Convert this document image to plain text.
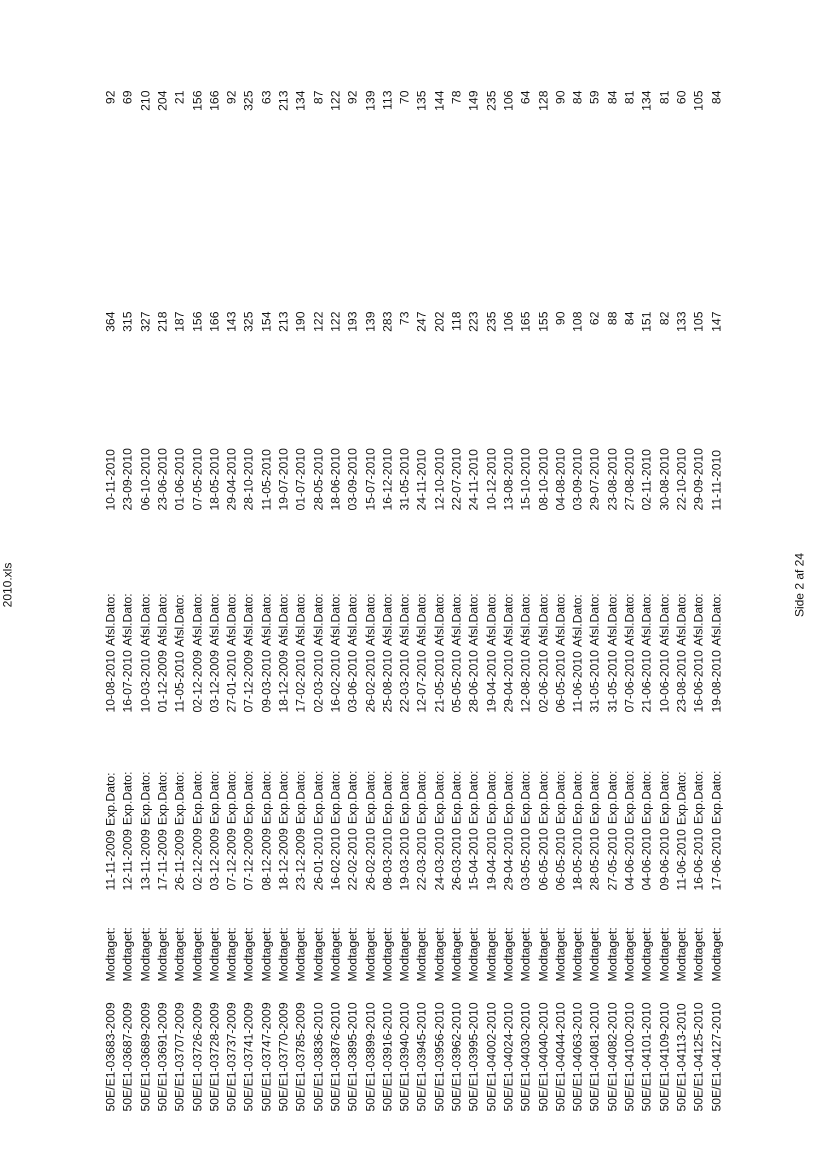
2010.xls
50E/E1-03683-2009
Modtaget:
11-11-2009Exp.Dato:
10-08-2010Afsl.Dato:
10-11-2010
364
92
50E/E1-03687-2009
Modtaget:
12-11-2009Exp.Dato:
16-07-2010Afsl.Dato:
23-09-2010
315
69
50E/E1-03689-2009
Modtaget:
13-11-2009Exp.Dato:
10-03-2010Afsl.Dato:
06-10-2010
327
210
50E/E1-03691-2009
Modtaget:
17-11-2009Exp.Dato:
01-12-2009Afsl.Dato:
23-06-2010
218
204
50E/E1-03707-2009
Modtaget:
26-11-2009Exp.Dato:
11-05-2010Afsl.Dato:
01-06-2010
187
21
50E/E1-03726-2009
Modtaget:
02-12-2009Exp.Dato:
02-12-2009Afsl.Dato:
07-05-2010
156
156
50E/E1-03728-2009
Modtaget:
03-12-2009Exp.Dato:
03-12-2009Afsl.Dato:
18-05-2010
166
166
50E/E1-03737-2009
Modtaget:
07-12-2009Exp.Dato:
27-01-2010Afsl.Dato:
29-04-2010
143
92
50E/E1-03741-2009
Modtaget:
07-12-2009Exp.Dato:
07-12-2009Afsl.Dato:
28-10-2010
325
325
50E/E1-03747-2009
Modtaget:
08-12-2009Exp.Dato:
09-03-2010Afsl.Dato:
11-05-2010
154
63
50E/E1-03770-2009
Modtaget:
18-12-2009Exp.Dato:
18-12-2009Afsl.Dato:
19-07-2010
213
213
50E/E1-03785-2009
Modtaget:
23-12-2009Exp.Dato:
17-02-2010Afsl.Dato:
01-07-2010
190
134
50E/E1-03836-2010
Modtaget:
26-01-2010Exp.Dato:
02-03-2010Afsl.Dato:
28-05-2010
122
87
50E/E1-03876-2010
Modtaget:
16-02-2010Exp.Dato:
16-02-2010Afsl.Dato:
18-06-2010
122
122
50E/E1-03895-2010
Modtaget:
22-02-2010Exp.Dato:
03-06-2010Afsl.Dato:
03-09-2010
193
92
50E/E1-03899-2010
Modtaget:
26-02-2010Exp.Dato:
26-02-2010Afsl.Dato:
15-07-2010
139
139
50E/E1-03916-2010
Modtaget:
08-03-2010Exp.Dato:
25-08-2010Afsl.Dato:
16-12-2010
283
113
50E/E1-03940-2010
Modtaget:
19-03-2010Exp.Dato:
22-03-2010Afsl.Dato:
31-05-2010
73
70
50E/E1-03945-2010
Modtaget:
22-03-2010Exp.Dato:
12-07-2010Afsl.Dato:
24-11-2010
247
135
50E/E1-03956-2010
Modtaget:
24-03-2010Exp.Dato:
21-05-2010Afsl.Dato:
12-10-2010
202
144
50E/E1-03962-2010
Modtaget:
26-03-2010Exp.Dato:
05-05-2010Afsl.Dato:
22-07-2010
118
78
50E/E1-03995-2010
Modtaget:
15-04-2010Exp.Dato:
28-06-2010Afsl.Dato:
24-11-2010
223
149
50E/E1-04002-2010
Modtaget:
19-04-2010Exp.Dato:
19-04-2010Afsl.Dato:
10-12-2010
235
235
50E/E1-04024-2010
Modtaget:
29-04-2010Exp.Dato:
29-04-2010Afsl.Dato:
13-08-2010
106
106
50E/E1-04030-2010
Modtaget:
03-05-2010Exp.Dato:
12-08-2010Afsl.Dato:
15-10-2010
165
64
50E/E1-04040-2010
Modtaget:
06-05-2010Exp.Dato:
02-06-2010Afsl.Dato:
08-10-2010
155
128
50E/E1-04044-2010
Modtaget:
06-05-2010Exp.Dato:
06-05-2010Afsl.Dato:
04-08-2010
90
90
50E/E1-04063-2010
Modtaget:
18-05-2010Exp.Dato:
11-06-2010Afsl.Dato:
03-09-2010
108
84
50E/E1-04081-2010
Modtaget:
28-05-2010Exp.Dato:
31-05-2010Afsl.Dato:
29-07-2010
62
59
50E/E1-04082-2010
Modtaget:
27-05-2010Exp.Dato:
31-05-2010Afsl.Dato:
23-08-2010
88
84
50E/E1-04100-2010
Modtaget:
04-06-2010Exp.Dato:
07-06-2010Afsl.Dato:
27-08-2010
84
81
50E/E1-04101-2010
Modtaget:
04-06-2010Exp.Dato:
21-06-2010Afsl.Dato:
02-11-2010
151
134
50E/E1-04109-2010
Modtaget:
09-06-2010Exp.Dato:
10-06-2010Afsl.Dato:
30-08-2010
82
81
50E/E1-04113-2010
Modtaget:
11-06-2010Exp.Dato:
23-08-2010Afsl.Dato:
22-10-2010
133
60
50E/E1-04125-2010
Modtaget:
16-06-2010Exp.Dato:
16-06-2010Afsl.Dato:
29-09-2010
105
105
50E/E1-04127-2010
Modtaget:
17-06-2010Exp.Dato:
19-08-2010Afsl.Dato:
11-11-2010
147
84
Side 2 af 24
